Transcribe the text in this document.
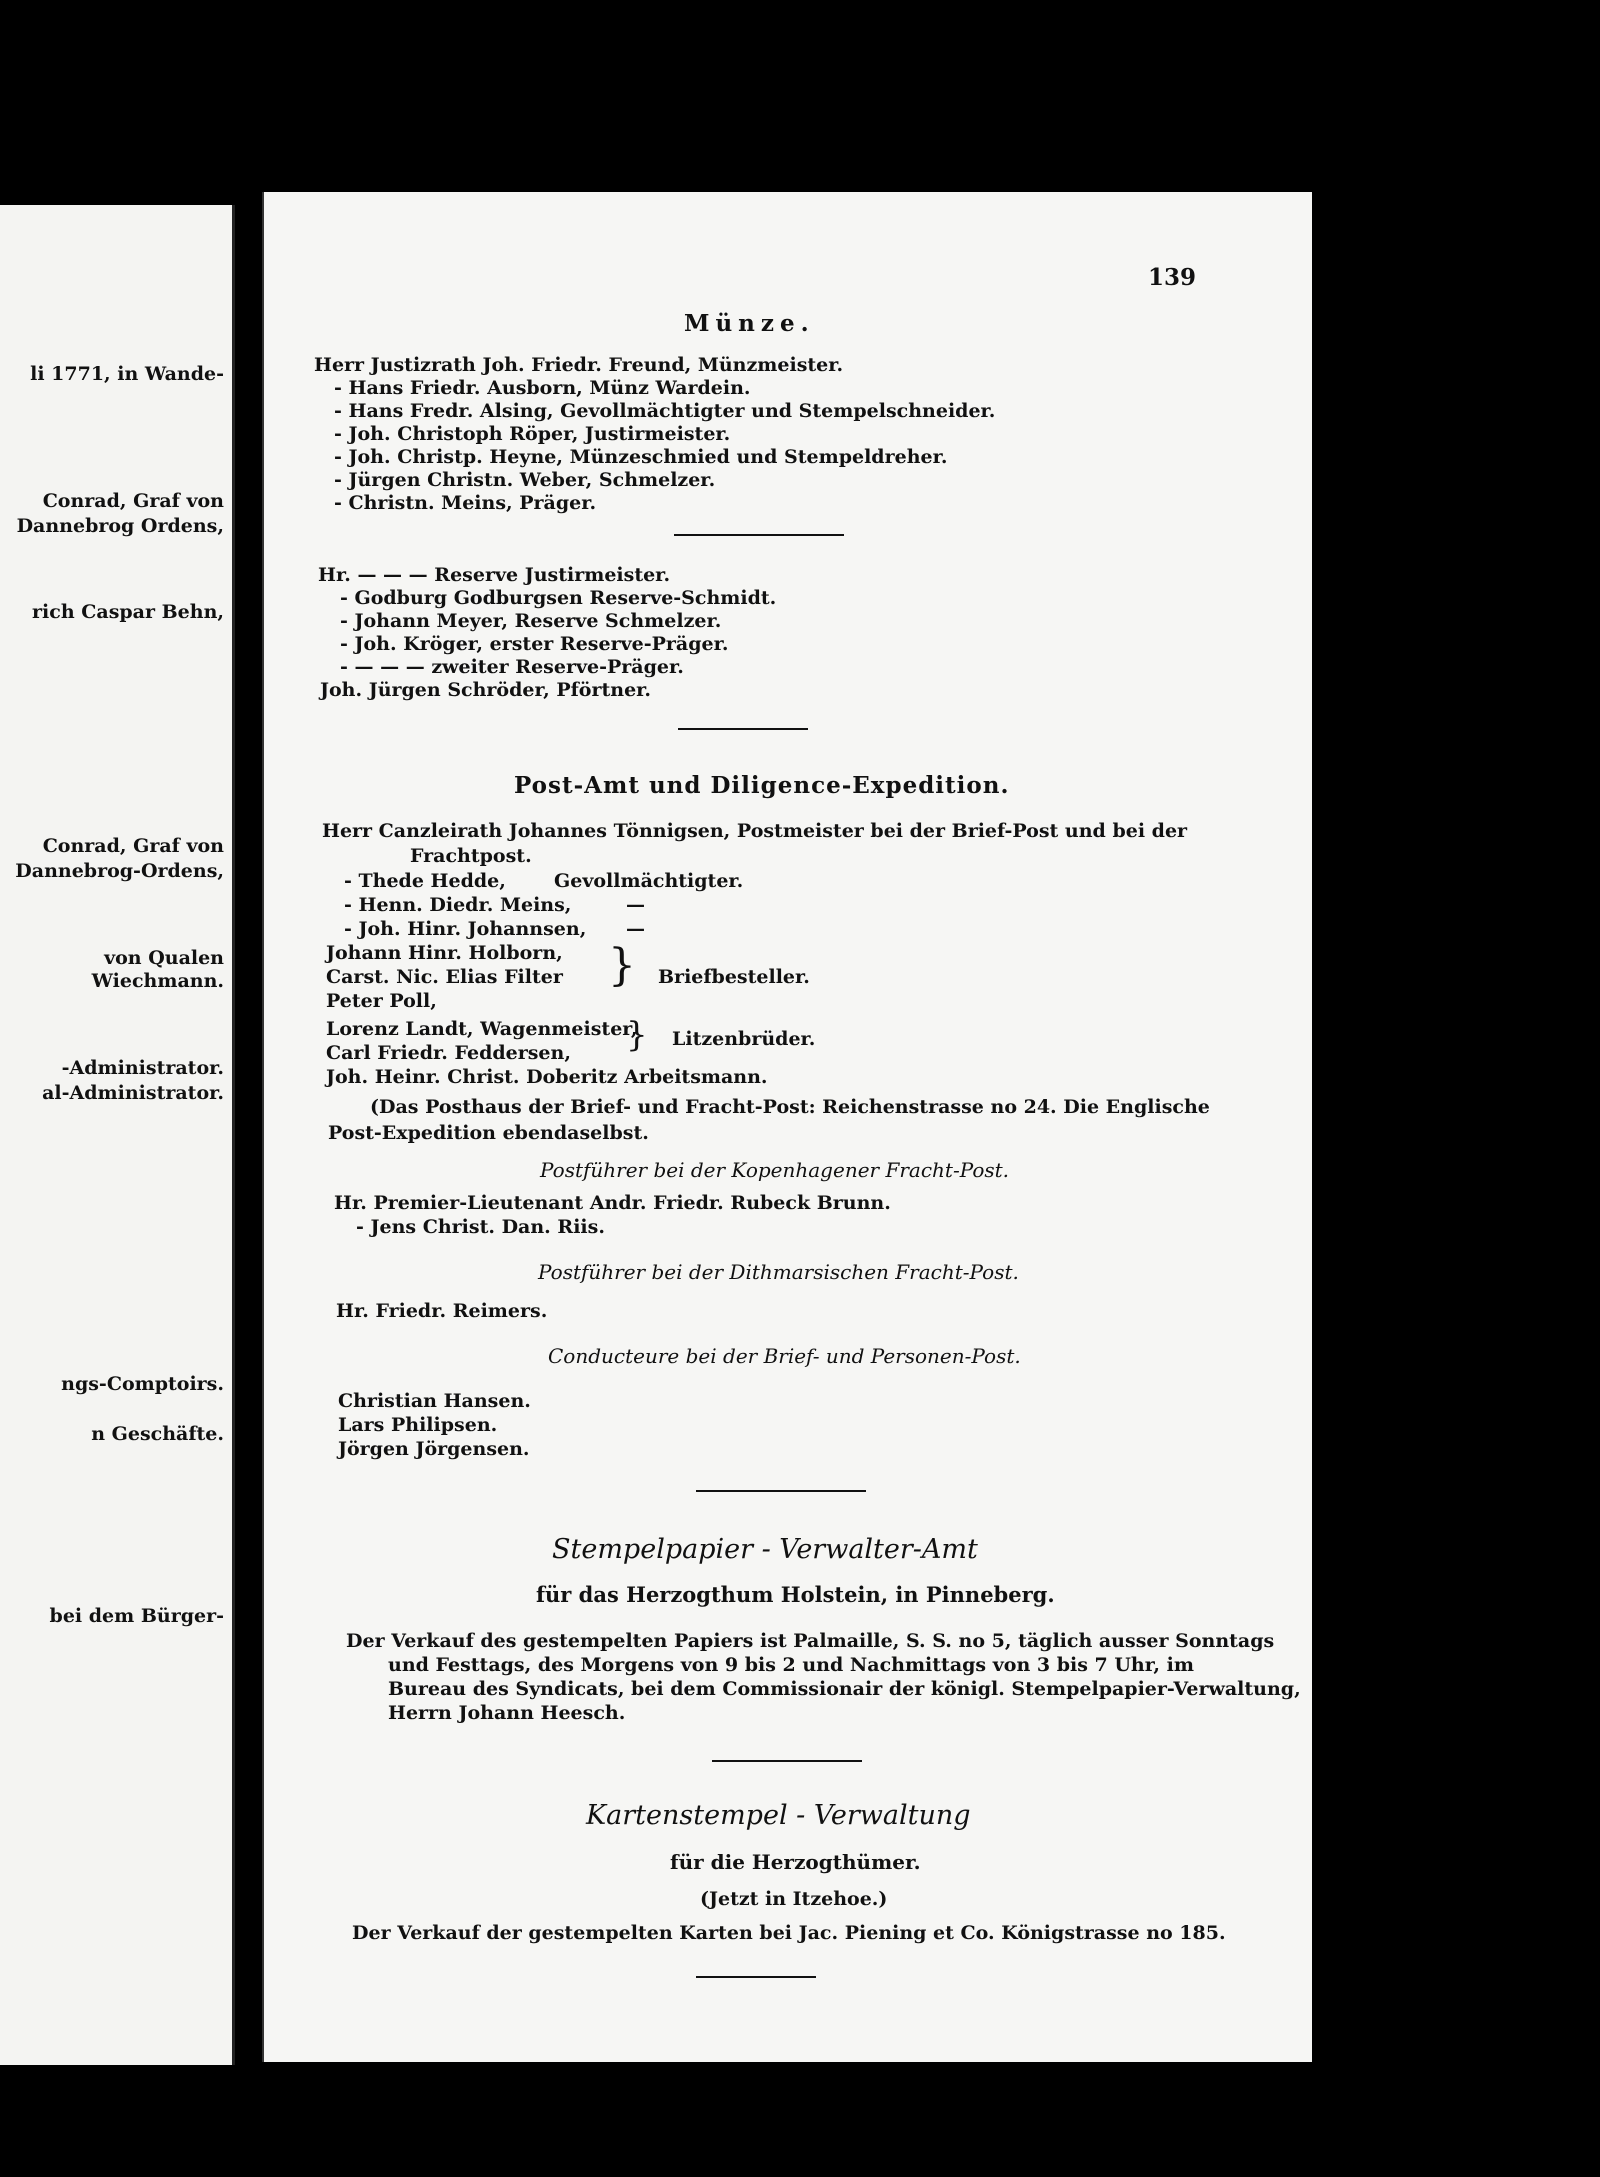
li 1771, in Wande-
Conrad, Graf von
Dannebrog Ordens,
rich Caspar Behn,
Conrad, Graf von
Dannebrog-Ordens,
von Qualen
Wiechmann.
-Administrator.
al-Administrator.
ngs-Comptoirs.
n Geschäfte.
bei dem Bürger-
139
Münze.
Herr Justizrath Joh. Friedr. Freund, Münzmeister.
- Hans Friedr. Ausborn, Münz Wardein.
- Hans Fredr. Alsing, Gevollmächtigter und Stempelschneider.
- Joh. Christoph Röper, Justirmeister.
- Joh. Christp. Heyne, Münzeschmied und Stempeldreher.
- Jürgen Christn. Weber, Schmelzer.
- Christn. Meins, Präger.
Hr. — — — Reserve Justirmeister.
- Godburg Godburgsen Reserve-Schmidt.
- Johann Meyer, Reserve Schmelzer.
- Joh. Kröger, erster Reserve-Präger.
- — — — zweiter Reserve-Präger.
Joh. Jürgen Schröder, Pförtner.
Post-Amt und Diligence-Expedition.
Herr Canzleirath Johannes Tönnigsen, Postmeister bei der Brief-Post und bei der
Frachtpost.
- Thede Hedde,	Gevollmächtigter.
- Henn. Diedr. Meins,	—
- Joh. Hinr. Johannsen, —
Johann Hinr. Holborn,
Carst. Nic. Elias Filter
Peter Poll,
} Briefbesteller.
Lorenz Landt, Wagenmeister,
Carl Friedr. Feddersen, } Litzenbrüder.
Joh. Heinr. Christ. Doberitz Arbeitsmann.
(Das Posthaus der Brief- und Fracht-Post: Reichenstrasse no 24. Die Englische
Post-Expedition ebendaselbst.
Postführer bei der Kopenhagener Fracht-Post.
Hr. Premier-Lieutenant Andr. Friedr. Rubeck Brunn.
- Jens Christ. Dan. Riis.
Postführer bei der Dithmarsischen Fracht-Post.
Hr. Friedr. Reimers.
Conducteure bei der Brief- und Personen-Post.
Christian Hansen.
Lars Philipsen.
Jörgen Jörgensen.
Stempelpapier - Verwalter-Amt
für das Herzogthum Holstein, in Pinneberg.
Der Verkauf des gestempelten Papiers ist Palmaille, S. S. no 5, täglich ausser Sonntags
und Festtags, des Morgens von 9 bis 2 und Nachmittags von 3 bis 7 Uhr, im
Bureau des Syndicats, bei dem Commissionair der königl. Stempelpapier-Verwaltung,
Herrn Johann Heesch.
Kartenstempel - Verwaltung
für die Herzogthümer.
(Jetzt in Itzehoe.)
Der Verkauf der gestempelten Karten bei Jac. Piening et Co. Königstrasse no 185.
